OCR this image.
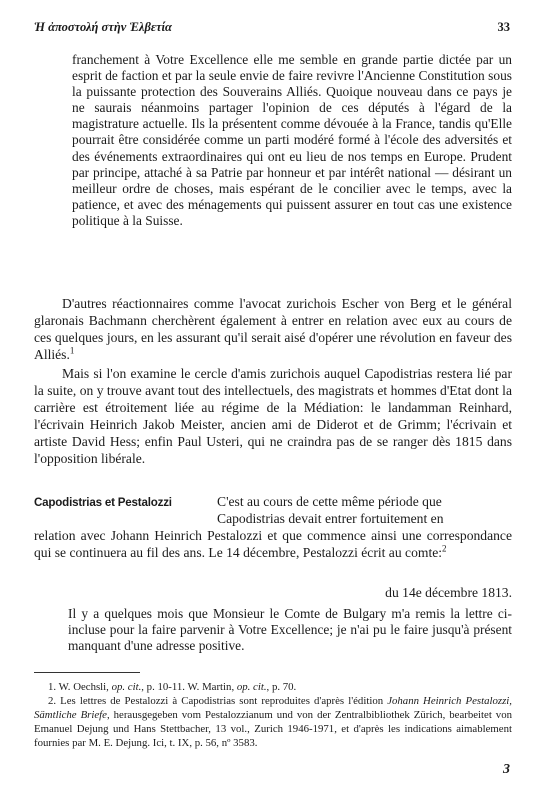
Ἡ ἀποστολή στὴν Ἑλβετία	33

franchement à Votre Excellence elle me semble en grande partie dictée par un esprit de faction et par la seule envie de faire revivre l'Ancienne Constitution sous la puissante protection des Souverains Alliés. Quoique nouveau dans ce pays je ne saurais néanmoins partager l'opinion de ces députés à l'égard de la magistrature actuelle. Ils la présentent comme dévouée à la France, tandis qu'Elle pourrait être considérée comme un parti modéré formé à l'école des adversités et des événements extraordinaires qui ont eu lieu de nos temps en Europe. Prudent par principe, attaché à sa Patrie par honneur et par intérêt national — désirant un meilleur ordre de choses, mais espérant de le concilier avec le temps, avec la patience, et avec des ménagements qui puissent assurer en tout cas une existence politique à la Suisse.

D'autres réactionnaires comme l'avocat zurichois Escher von Berg et le général glaronais Bachmann cherchèrent également à entrer en relation avec eux au cours de ces quelques jours, en les assurant qu'il serait aisé d'opérer une révolution en faveur des Alliés.$^1$

Mais si l'on examine le cercle d'amis zurichois auquel Capodistrias restera lié par la suite, on y trouve avant tout des intellectuels, des magistrats et hommes d'Etat dont la carrière est étroitement liée au régime de la Médiation: le landamman Reinhard, l'écrivain Heinrich Jakob Meister, ancien ami de Diderot et de Grimm; l'écrivain et artiste David Hess; enfin Paul Usteri, qui ne craindra pas de se ranger dès 1815 dans l'opposition libérale.

Capodistrias et Pestalozzi	C'est au cours de cette même période que
Capodistrias devait entrer fortuitement en
relation avec Johann Heinrich Pestalozzi et que commence ainsi une correspondance qui se continuera au fil des ans. Le 14 décembre, Pestalozzi écrit au comte:$^2$
du 14e décembre 1813.

Il y a quelques mois que Monsieur le Comte de Bulgary m'a remis la lettre ci-incluse pour la faire parvenir à Votre Excellence; je n'ai pu le faire jusqu'à présent manquant d'une adresse positive.

1. W. Oechsli, op. cit., p. 10-11. W. Martin, op. cit., p. 70.

2. Les lettres de Pestalozzi à Capodistrias sont reproduites d'après l'édition Johann Heinrich Pestalozzi, Sämtliche Briefe, herausgegeben vom Pestalozzianum und von der Zentralbibliothek Zürich, bearbeitet von Emanuel Dejung und Hans Stettbacher, 13 vol., Zurich 1946-1971, et d'après les indications aimablement fournies par M. E. Dejung. Ici, t. IX, p. 56, nº 3583.

3
